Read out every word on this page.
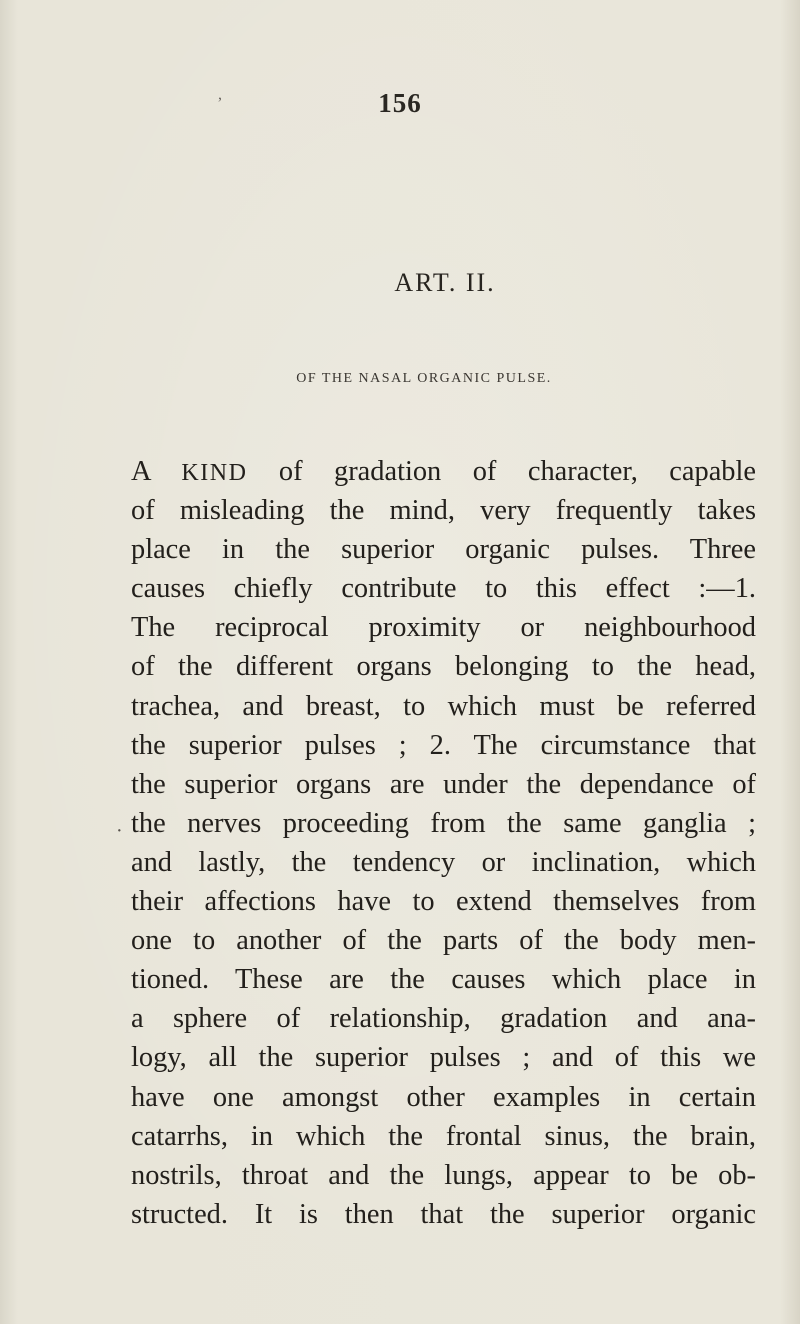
,	156
ART. II.
OF THE NASAL ORGANIC PULSE.
·
A KIND of gradation of character, capable
of misleading the mind, very frequently takes
place in the superior organic pulses. Three
causes chiefly contribute to this effect :—1.
The reciprocal proximity or neighbourhood
of the different organs belonging to the head,
trachea, and breast, to which must be referred
the superior pulses ; 2. The circumstance that
the superior organs are under the dependance of
the nerves proceeding from the same ganglia ;
and lastly, the tendency or inclination, which
their affections have to extend themselves from
one to another of the parts of the body men-
tioned. These are the causes which place in
a sphere of relationship, gradation and ana-
logy, all the superior pulses ; and of this we
have one amongst other examples in certain
catarrhs, in which the frontal sinus, the brain,
nostrils, throat and the lungs, appear to be ob-
structed. It is then that the superior organic
